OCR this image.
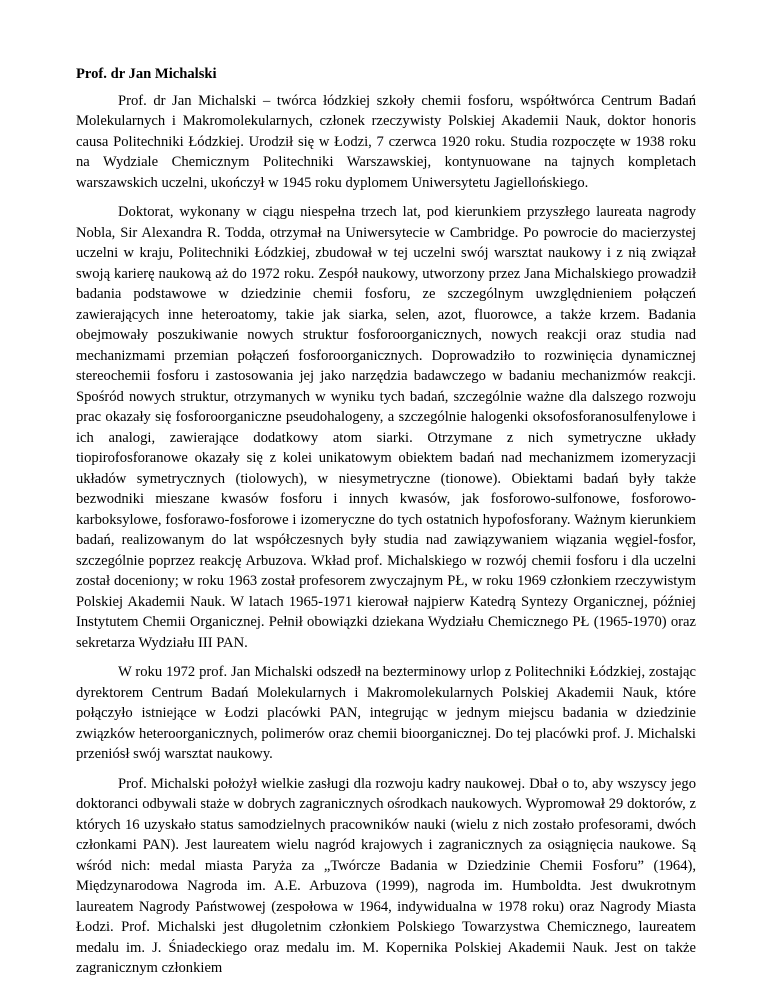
Prof. dr Jan Michalski

Prof. dr Jan Michalski – twórca łódzkiej szkoły chemii fosforu, współtwórca Centrum Badań Molekularnych i Makromolekularnych, członek rzeczywisty Polskiej Akademii Nauk, doktor honoris causa Politechniki Łódzkiej. Urodził się w Łodzi, 7 czerwca 1920 roku. Studia rozpoczęte w 1938 roku na Wydziale Chemicznym Politechniki Warszawskiej, kontynuowane na tajnych kompletach warszawskich uczelni, ukończył w 1945 roku dyplomem Uniwersytetu Jagiellońskiego.

Doktorat, wykonany w ciągu niespełna trzech lat, pod kierunkiem przyszłego laureata nagrody Nobla, Sir Alexandra R. Todda, otrzymał na Uniwersytecie w Cambridge. Po powrocie do macierzystej uczelni w kraju, Politechniki Łódzkiej, zbudował w tej uczelni swój warsztat naukowy i z nią związał swoją karierę naukową aż do 1972 roku. Zespół naukowy, utworzony przez Jana Michalskiego prowadził badania podstawowe w dziedzinie chemii fosforu, ze szczególnym uwzględnieniem połączeń zawierających inne heteroatomy, takie jak siarka, selen, azot, fluorowce, a także krzem. Badania obejmowały poszukiwanie nowych struktur fosforoorganicznych, nowych reakcji oraz studia nad mechanizmami przemian połączeń fosforoorganicznych. Doprowadziło to rozwinięcia dynamicznej stereochemii fosforu i zastosowania jej jako narzędzia badawczego w badaniu mechanizmów reakcji. Spośród nowych struktur, otrzymanych w wyniku tych badań, szczególnie ważne dla dalszego rozwoju prac okazały się fosforoorganiczne pseudohalogeny, a szczególnie halogenki oksofosforanosulfenylowe i ich analogi, zawierające dodatkowy atom siarki. Otrzymane z nich symetryczne układy tiopirofosforanowe okazały się z kolei unikatowym obiektem badań nad mechanizmem izomeryzacji układów symetrycznych (tiolowych), w niesymetryczne (tionowe). Obiektami badań były także bezwodniki mieszane kwasów fosforu i innych kwasów, jak fosforowo-sulfonowe, fosforowo-karboksylowe, fosforawo-fosforowe i izomeryczne do tych ostatnich hypofosforany. Ważnym kierunkiem badań, realizowanym do lat współczesnych były studia nad zawiązywaniem wiązania węgiel-fosfor, szczególnie poprzez reakcję Arbuzova. Wkład prof. Michalskiego w rozwój chemii fosforu i dla uczelni został doceniony; w roku 1963 został profesorem zwyczajnym PŁ, w roku 1969 członkiem rzeczywistym Polskiej Akademii Nauk. W latach 1965-1971 kierował najpierw Katedrą Syntezy Organicznej, później Instytutem Chemii Organicznej. Pełnił obowiązki dziekana Wydziału Chemicznego PŁ (1965-1970) oraz sekretarza Wydziału III PAN.

W roku 1972 prof. Jan Michalski odszedł na bezterminowy urlop z Politechniki Łódzkiej, zostając dyrektorem Centrum Badań Molekularnych i Makromolekularnych Polskiej Akademii Nauk, które połączyło istniejące w Łodzi placówki PAN, integrując w jednym miejscu badania w dziedzinie związków heteroorganicznych, polimerów oraz chemii bioorganicznej. Do tej placówki prof. J. Michalski przeniósł swój warsztat naukowy.

Prof. Michalski położył wielkie zasługi dla rozwoju kadry naukowej. Dbał o to, aby wszyscy jego doktoranci odbywali staże w dobrych zagranicznych ośrodkach naukowych. Wypromował 29 doktorów, z których 16 uzyskało status samodzielnych pracowników nauki (wielu z nich zostało profesorami, dwóch członkami PAN). Jest laureatem wielu nagród krajowych i zagranicznych za osiągnięcia naukowe. Są wśród nich: medal miasta Paryża za „Twórcze Badania w Dziedzinie Chemii Fosforu” (1964), Międzynarodowa Nagroda im. A.E. Arbuzova (1999), nagroda im. Humboldta. Jest dwukrotnym laureatem Nagrody Państwowej (zespołowa w 1964, indywidualna w 1978 roku) oraz Nagrody Miasta Łodzi. Prof. Michalski jest długoletnim członkiem Polskiego Towarzystwa Chemicznego, laureatem medalu im. J. Śniadeckiego oraz medalu im. M. Kopernika Polskiej Akademii Nauk. Jest on także zagranicznym członkiem
